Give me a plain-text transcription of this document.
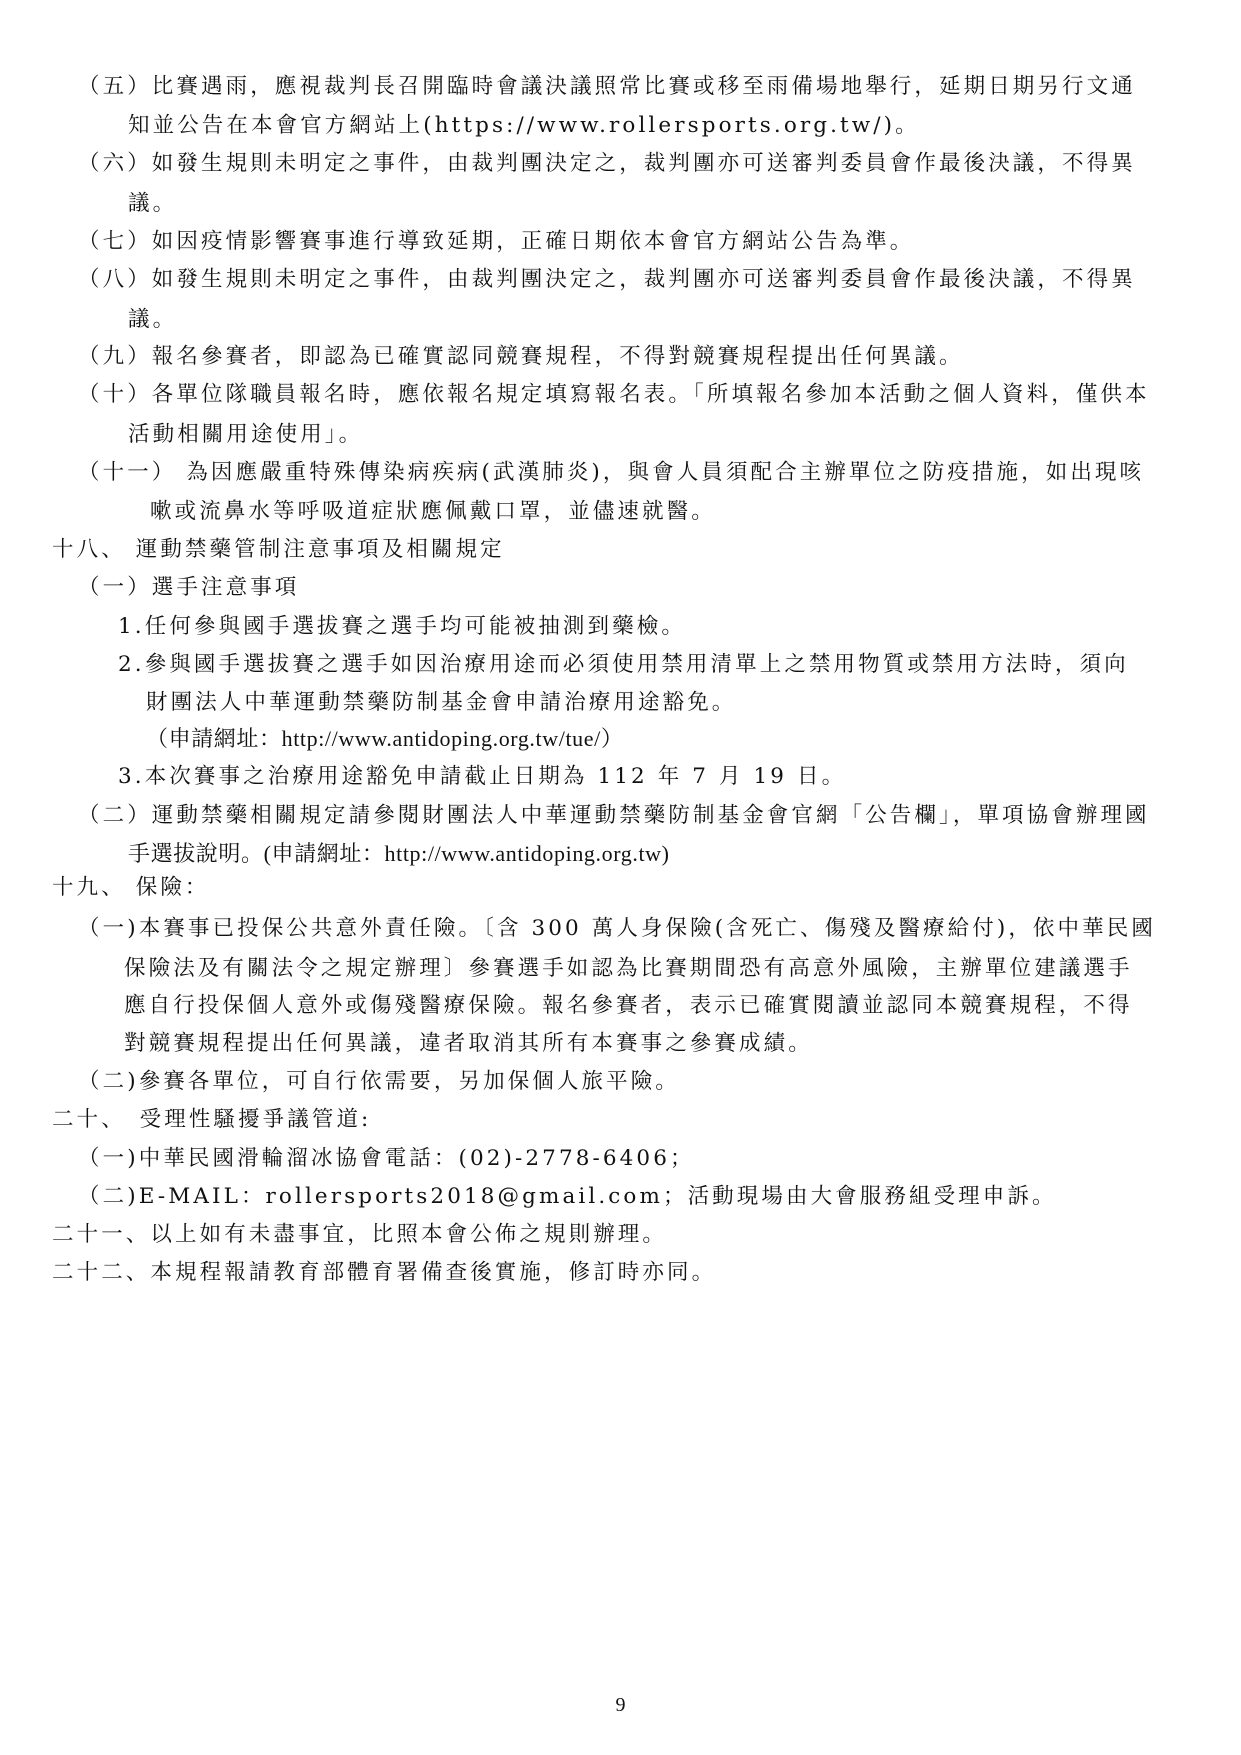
（五）比賽遇雨，應視裁判長召開臨時會議決議照常比賽或移至雨備場地舉行，延期日期另行文通
知並公告在本會官方網站上(https://www.rollersports.org.tw/)。
（六）如發生規則未明定之事件，由裁判團決定之，裁判團亦可送審判委員會作最後決議，不得異
議。
（七）如因疫情影響賽事進行導致延期，正確日期依本會官方網站公告為準。
（八）如發生規則未明定之事件，由裁判團決定之，裁判團亦可送審判委員會作最後決議，不得異
議。
（九）報名參賽者，即認為已確實認同競賽規程，不得對競賽規程提出任何異議。
（十）各單位隊職員報名時，應依報名規定填寫報名表。「所填報名參加本活動之個人資料，僅供本
活動相關用途使用」。
（十一） 為因應嚴重特殊傳染病疾病(武漢肺炎)，與會人員須配合主辦單位之防疫措施，如出現咳
嗽或流鼻水等呼吸道症狀應佩戴口罩，並儘速就醫。
十八、 運動禁藥管制注意事項及相關規定
（一）選手注意事項
1.任何參與國手選拔賽之選手均可能被抽測到藥檢。
2.參與國手選拔賽之選手如因治療用途而必須使用禁用清單上之禁用物質或禁用方法時，須向
財團法人中華運動禁藥防制基金會申請治療用途豁免。
（申請網址：http://www.antidoping.org.tw/tue/）
3.本次賽事之治療用途豁免申請截止日期為 112 年 7 月 19 日。
（二）運動禁藥相關規定請參閱財團法人中華運動禁藥防制基金會官網「公告欄」，單項協會辦理國
手選拔說明。(申請網址：http://www.antidoping.org.tw)
十九、 保險：
（一)本賽事已投保公共意外責任險。〔含 300 萬人身保險(含死亡、傷殘及醫療給付)，依中華民國
保險法及有關法令之規定辦理〕參賽選手如認為比賽期間恐有高意外風險，主辦單位建議選手
應自行投保個人意外或傷殘醫療保險。報名參賽者，表示已確實閱讀並認同本競賽規程，不得
對競賽規程提出任何異議，違者取消其所有本賽事之參賽成績。
（二)參賽各單位，可自行依需要，另加保個人旅平險。
二十、　受理性騷擾爭議管道:
（一)中華民國滑輪溜冰協會電話：(02)-2778-6406；
（二)E-MAIL：rollersports2018@gmail.com；活動現場由大會服務組受理申訴。
二十一、以上如有未盡事宜，比照本會公佈之規則辦理。
二十二、本規程報請教育部體育署備查後實施，修訂時亦同。
9
